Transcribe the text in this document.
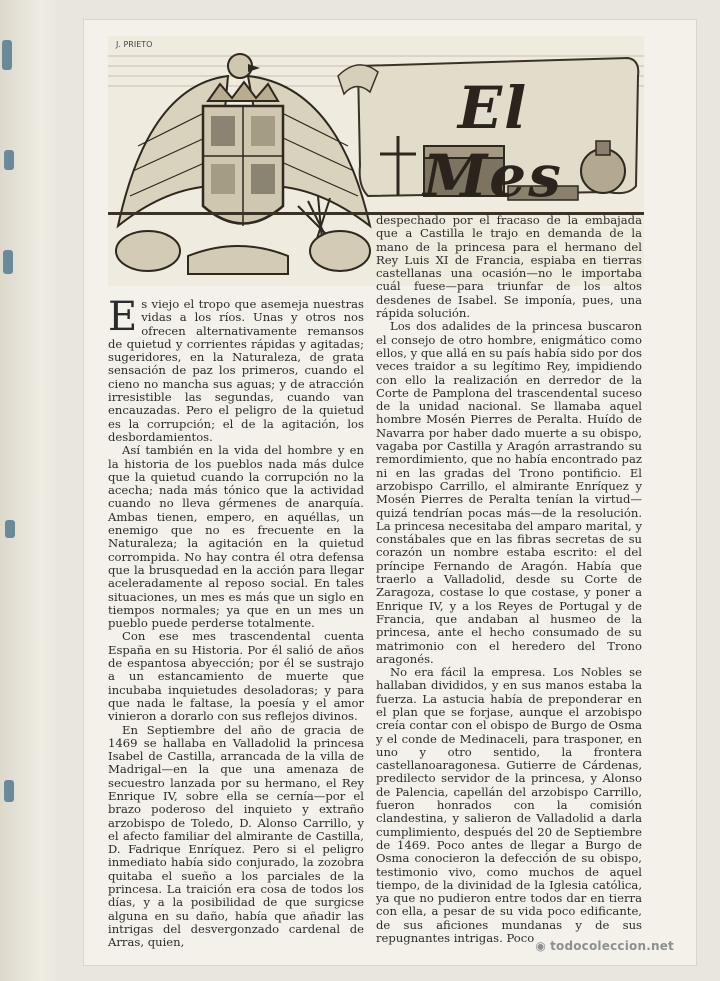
El Mes
J. PRIETO

Es viejo el tropo que asemeja nuestras vidas a los ríos. Unas y otros nos ofrecen alternativamente remansos de quietud y corrientes rápidas y agitadas; sugeridores, en la Naturaleza, de grata sensación de paz los primeros, cuando el cieno no mancha sus aguas; y de atracción irresistible las segundas, cuando van encauzadas. Pero el peligro de la quietud es la corrupción; el de la agitación, los desbordamientos.

Así también en la vida del hombre y en la historia de los pueblos nada más dulce que la quietud cuando la corrupción no la acecha; nada más tónico que la actividad cuando no lleva gérmenes de anarquía. Ambas tienen, empero, en aquéllas, un enemigo que no es frecuente en la Naturaleza; la agitación en la quietud corrompida. No hay contra él otra defensa que la brusquedad en la acción para llegar aceleradamente al reposo social. En tales situaciones, un mes es más que un siglo en tiempos normales; ya que en un mes un pueblo puede perderse totalmente.

Con ese mes trascendental cuenta España en su Historia. Por él salió de años de espantosa abyección; por él se sustrajo a un estancamiento de muerte que incubaba inquietudes desoladoras; y para que nada le faltase, la poesía y el amor vinieron a dorarlo con sus reflejos divinos.

En Septiembre del año de gracia de 1469 se hallaba en Valladolid la princesa Isabel de Castilla, arrancada de la villa de Madrigal—en la que una amenaza de secuestro lanzada por su hermano, el Rey Enrique IV, sobre ella se cernía—por el brazo poderoso del inquieto y extraño arzobispo de Toledo, D. Alonso Carrillo, y el afecto familiar del almirante de Castilla, D. Fadrique Enríquez. Pero si el peligro inmediato había sido conjurado, la zozobra quitaba el sueño a los parciales de la princesa. La traición era cosa de todos los días, y a la posibilidad de que surgicse alguna en su daño, había que añadir las intrigas del desvergonzado cardenal de Arras, quien,

despechado por el fracaso de la embajada que a Castilla le trajo en demanda de la mano de la princesa para el hermano del Rey Luis XI de Francia, espiaba en tierras castellanas una ocasión—no le importaba cuál fuese—para triunfar de los altos desdenes de Isabel. Se imponía, pues, una rápida solución.

Los dos adalides de la princesa buscaron el consejo de otro hombre, enigmático como ellos, y que allá en su país había sido por dos veces traidor a su legítimo Rey, impidiendo con ello la realización en derredor de la Corte de Pamplona del trascendental suceso de la unidad nacional. Se llamaba aquel hombre Mosén Pierres de Peralta. Huído de Navarra por haber dado muerte a su obispo, vagaba por Castilla y Aragón arrastrando su remordimiento, que no había encontrado paz ni en las gradas del Trono pontificio. El arzobispo Carrillo, el almirante Enríquez y Mosén Pierres de Peralta tenían la virtud—quizá tendrían pocas más—de la resolución. La princesa necesitaba del amparo marital, y constábales que en las fibras secretas de su corazón un nombre estaba escrito: el del príncipe Fernando de Aragón. Había que traerlo a Valladolid, desde su Corte de Zaragoza, costase lo que costase, y poner a Enrique IV, y a los Reyes de Portugal y de Francia, que andaban al husmeo de la princesa, ante el hecho consumado de su matrimonio con el heredero del Trono aragonés.

No era fácil la empresa. Los Nobles se hallaban divididos, y en sus manos estaba la fuerza. La astucia había de preponderar en el plan que se forjase, aunque el arzobispo creía contar con el obispo de Burgo de Osma y el conde de Medinaceli, para trasponer, en uno y otro sentido, la frontera castellanoaragonesa. Gutierre de Cárdenas, predilecto servidor de la princesa, y Alonso de Palencia, capellán del arzobispo Carrillo, fueron honrados con la comisión clandestina, y salieron de Valladolid a darla cumplimiento, después del 20 de Septiembre de 1469. Poco antes de llegar a Burgo de Osma conocieron la defección de su obispo, testimonio vivo, como muchos de aquel tiempo, de la divinidad de la Iglesia católica, ya que no pudieron entre todos dar en tierra con ella, a pesar de su vida poco edificante, de sus aficiones mundanas y de sus repugnantes intrigas. Poco

◉ todocoleccion.net
